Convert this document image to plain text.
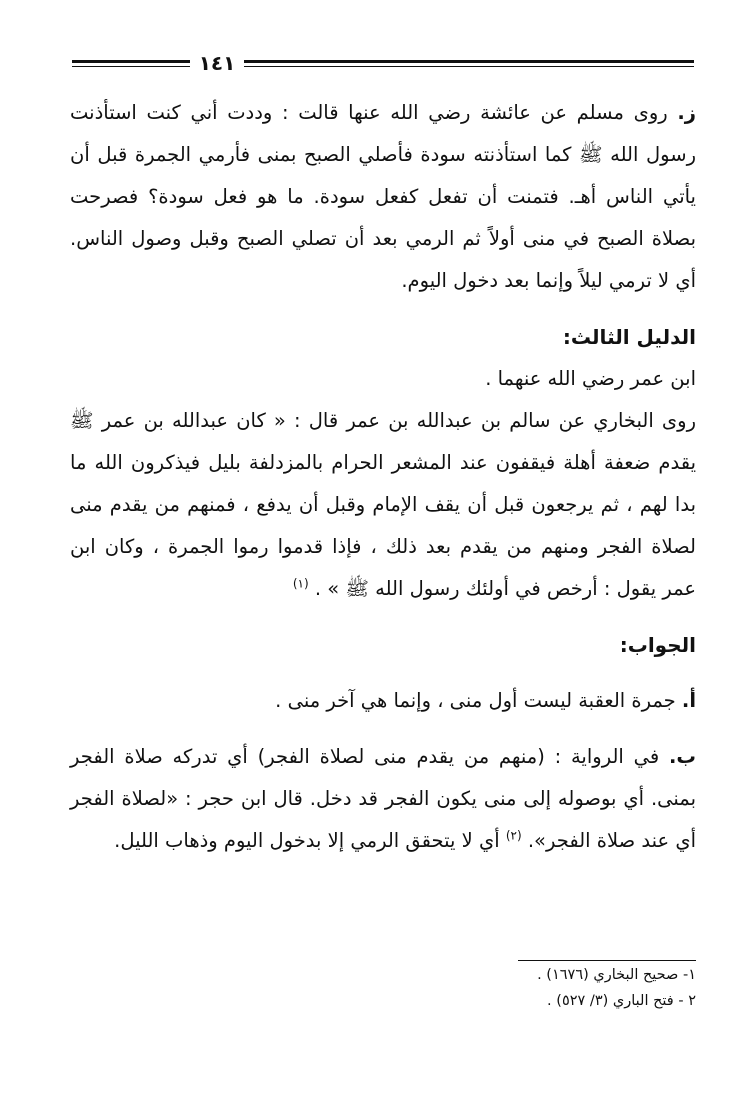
١٤١

ز. روى مسلم عن عائشة رضي الله عنها قالت : وددت أني كنت استأذنت رسول الله ﷺ كما استأذنته سودة فأصلي الصبح بمنى فأرمي الجمرة قبل أن يأتي الناس أهـ. فتمنت أن تفعل كفعل سودة. ما هو فعل سودة؟ فصرحت بصلاة الصبح في منى أولاً ثم الرمي بعد أن تصلي الصبح وقبل وصول الناس. أي لا ترمي ليلاً وإنما بعد دخول اليوم.

الدليل الثالث:

ابن عمر رضي الله عنهما .

روى البخاري عن سالم بن عبدالله بن عمر قال : « كان عبدالله بن عمر ﷺ يقدم ضعفة أهلة فيقفون عند المشعر الحرام بالمزدلفة بليل فيذكرون الله ما بدا لهم ، ثم يرجعون قبل أن يقف الإمام وقبل أن يدفع ، فمنهم من يقدم منى لصلاة الفجر ومنهم من يقدم بعد ذلك ، فإذا قدموا رموا الجمرة ، وكان ابن عمر يقول : أرخص في أولئك رسول الله ﷺ » . $^{(١)}$

الجواب:

أ. جمرة العقبة ليست أول منى ، وإنما هي آخر منى .

ب. في الرواية : (منهم من يقدم منى لصلاة الفجر) أي تدركه صلاة الفجر بمنى. أي بوصوله إلى منى يكون الفجر قد دخل. قال ابن حجر : «لصلاة الفجر أي عند صلاة الفجر». $^{(٢)}$ أي لا يتحقق الرمي إلا بدخول اليوم وذهاب الليل.

١- صحيح البخاري (١٦٧٦) .

٢ - فتح الباري (٣/ ٥٢٧) .
